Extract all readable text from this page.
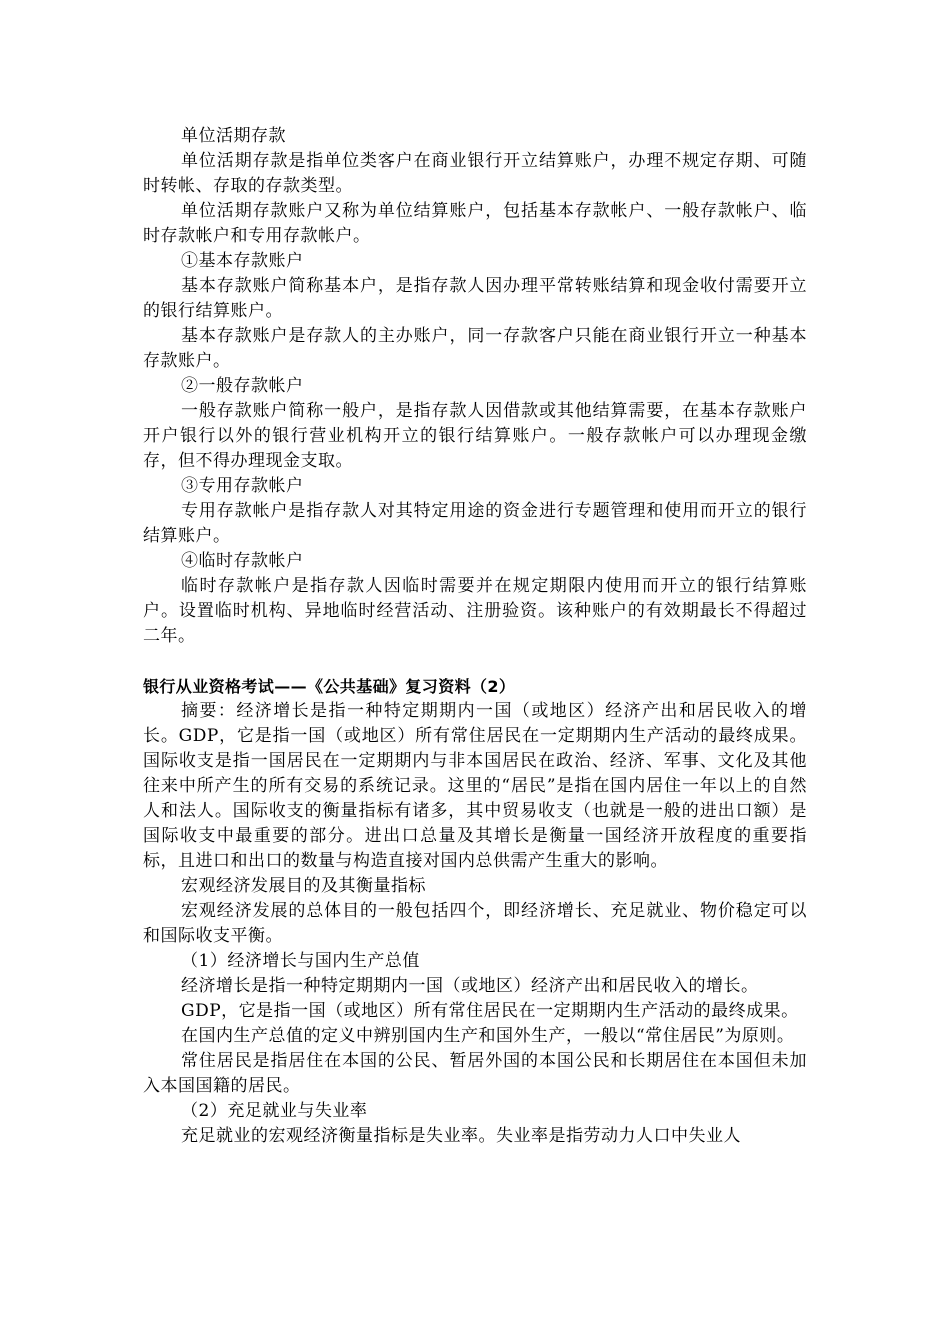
单位活期存款

单位活期存款是指单位类客户在商业银行开立结算账户，办理不规定存期、可随时转帐、存取的存款类型。

单位活期存款账户又称为单位结算账户，包括基本存款帐户、一般存款帐户、临时存款帐户和专用存款帐户。

①基本存款账户

基本存款账户简称基本户，是指存款人因办理平常转账结算和现金收付需要开立的银行结算账户。

基本存款账户是存款人的主办账户，同一存款客户只能在商业银行开立一种基本存款账户。

②一般存款帐户

一般存款账户简称一般户，是指存款人因借款或其他结算需要，在基本存款账户开户银行以外的银行营业机构开立的银行结算账户。一般存款帐户可以办理现金缴存，但不得办理现金支取。

③专用存款帐户

专用存款帐户是指存款人对其特定用途的资金进行专题管理和使用而开立的银行结算账户。

④临时存款帐户

临时存款帐户是指存款人因临时需要并在规定期限内使用而开立的银行结算账户。设置临时机构、异地临时经营活动、注册验资。该种账户的有效期最长不得超过二年。

银行从业资格考试——《公共基础》复习资料（2）

摘要：经济增长是指一种特定期期内一国（或地区）经济产出和居民收入的增长。GDP，它是指一国（或地区）所有常住居民在一定期期内生产活动的最终成果。国际收支是指一国居民在一定期期内与非本国居民在政治、经济、军事、文化及其他往来中所产生的所有交易的系统记录。这里的“居民”是指在国内居住一年以上的自然人和法人。国际收支的衡量指标有诸多，其中贸易收支（也就是一般的进出口额）是国际收支中最重要的部分。进出口总量及其增长是衡量一国经济开放程度的重要指标，且进口和出口的数量与构造直接对国内总供需产生重大的影响。

宏观经济发展目的及其衡量指标

宏观经济发展的总体目的一般包括四个，即经济增长、充足就业、物价稳定可以和国际收支平衡。

（1）经济增长与国内生产总值

经济增长是指一种特定期期内一国（或地区）经济产出和居民收入的增长。

GDP，它是指一国（或地区）所有常住居民在一定期期内生产活动的最终成果。

在国内生产总值的定义中辨别国内生产和国外生产，一般以“常住居民”为原则。

常住居民是指居住在本国的公民、暂居外国的本国公民和长期居住在本国但未加入本国国籍的居民。

（2）充足就业与失业率

充足就业的宏观经济衡量指标是失业率。失业率是指劳动力人口中失业人
